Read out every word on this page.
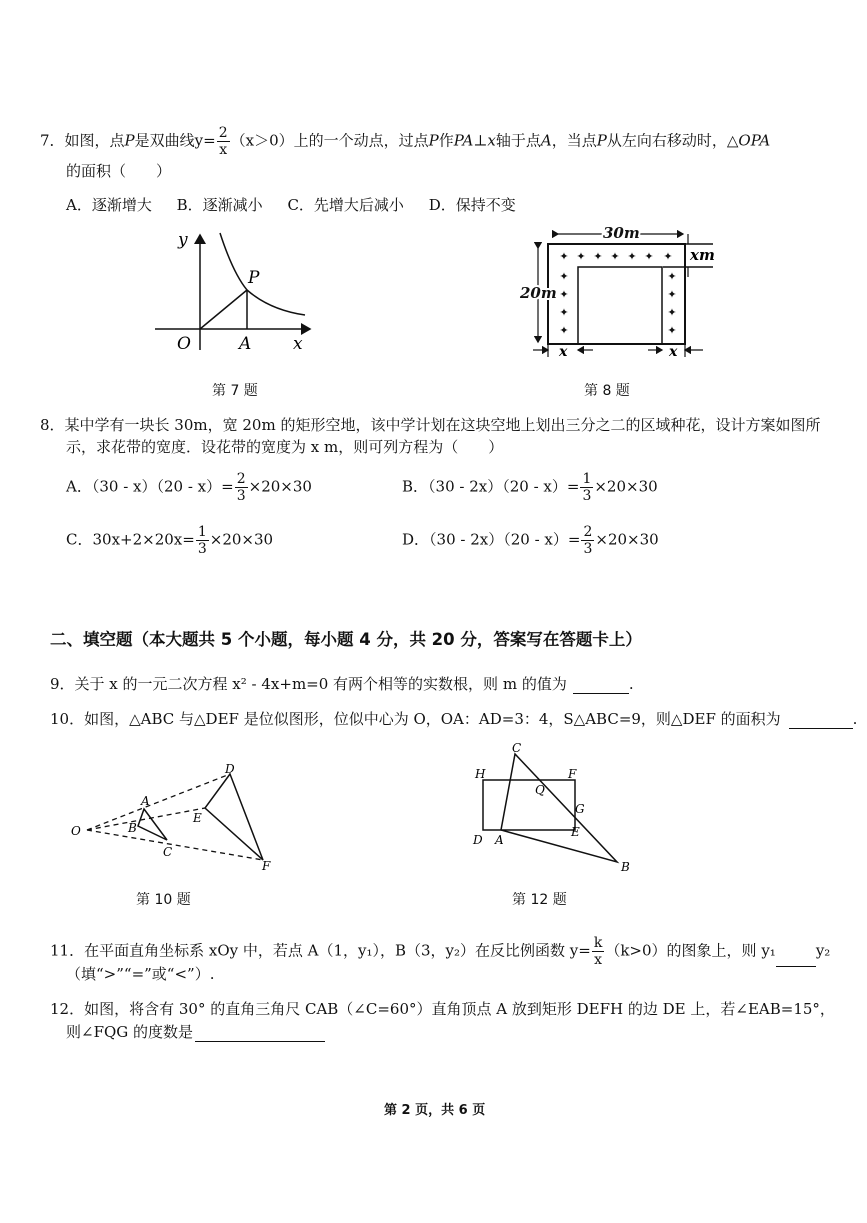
7．如图，点P是双曲线$y= \frac{2}{x} (x>0)$上的一个动点，过点P作PA⊥x轴于点A，当点P从左向右移动时，△OPA
的面积（　　）
A．逐渐增大 B．逐渐减小 C．先增大后减小 D．保持不变
y
P
O	A x
第 7 题
✦ ✦ ✦ ✦ ✦ ✦ ✦
✦
✦
✦
✦
✦
✦
✦
✦
30m
xm
20m
x	x
第 8 题
8．某中学有一块长 30m，宽 20m 的矩形空地，该中学计划在这块空地上划出三分之二的区域种花，设计方案如图所
示，求花带的宽度．设花带的宽度为 x m，则可列方程为（　　）
A．$(30 - x)(20 - x)= \frac{2}{3} \times 20\times 30$	B．$(30 - 2x)(20 - x)= \frac{1}{3} \times 20\times 30$
C．$30x+2\times 20x= \frac{1}{3} \times 20\times 30$	D．$(30 - 2x)(20 - x)= \frac{2}{3} \times 20\times 30$
二、填空题（本大题共 5 个小题，每小题 4 分，共 20 分，答案写在答题卡上）
9．关于 x 的一元二次方程 x² - 4x+m=0 有两个相等的实数根，则 m 的值为	.
10．如图，△ABC 与△DEF 是位似图形，位似中心为 O，OA：AD=3：4，S△ABC=9，则△DEF 的面积为	.
O
A
B
C
D
E
F
第 10 题
C
H	F
Q
G
E
D A
B
第 12 题
11．在平面直角坐标系 xOy 中，若点 A（1，y₁），B（3，y₂）在反比例函数 $y= \frac{k}{x} (k>0)$的图象上，则 y₁	y₂
（填“>”“=”或“<”）.
12．如图，将含有 30° 的直角三角尺 CAB（∠C=60°）直角顶点 A 放到矩形 DEFH 的边 DE 上，若∠EAB=15°，
则∠FQG 的度数是
第 2 页，共 6 页
